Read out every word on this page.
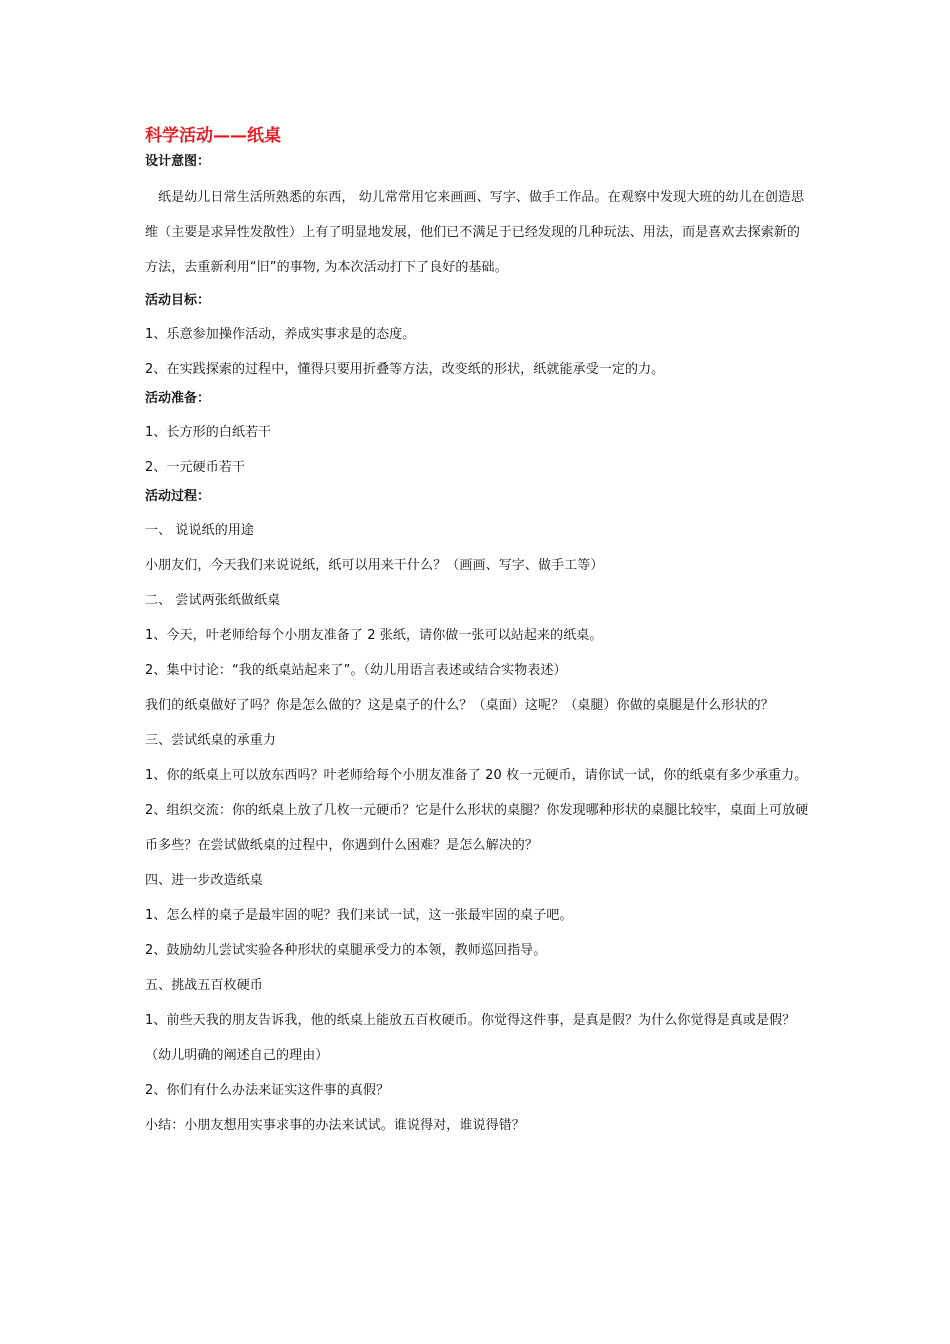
科学活动——纸桌
设计意图：
纸是幼儿日常生活所熟悉的东西， 幼儿常常用它来画画、写字、做手工作品。在观察中发现大班的幼儿在创造思维（主要是求异性发散性）上有了明显地发展，他们已不满足于已经发现的几种玩法、用法，而是喜欢去探索新的方法，去重新利用“旧”的事物, 为本次活动打下了良好的基础。
活动目标：
1、乐意参加操作活动，养成实事求是的态度。
2、在实践探索的过程中，懂得只要用折叠等方法，改变纸的形状，纸就能承受一定的力。
活动准备：
1、长方形的白纸若干
2、一元硬币若干
活动过程：
一、 说说纸的用途
小朋友们，今天我们来说说纸，纸可以用来干什么？（画画、写字、做手工等）
二、 尝试两张纸做纸桌
1、今天，叶老师给每个小朋友准备了 2 张纸，请你做一张可以站起来的纸桌。
2、集中讨论：“我的纸桌站起来了”。（幼儿用语言表述或结合实物表述）
我们的纸桌做好了吗？你是怎么做的？这是桌子的什么？（桌面）这呢？（桌腿）你做的桌腿是什么形状的？
三、尝试纸桌的承重力
1、你的纸桌上可以放东西吗？叶老师给每个小朋友准备了 20 枚一元硬币，请你试一试，你的纸桌有多少承重力。
2、组织交流：你的纸桌上放了几枚一元硬币？它是什么形状的桌腿？你发现哪种形状的桌腿比较牢，桌面上可放硬币多些？在尝试做纸桌的过程中，你遇到什么困难？是怎么解决的？
四、进一步改造纸桌
1、怎么样的桌子是最牢固的呢？我们来试一试，这一张最牢固的桌子吧。
2、鼓励幼儿尝试实验各种形状的桌腿承受力的本领，教师巡回指导。
五、挑战五百枚硬币
1、前些天我的朋友告诉我，他的纸桌上能放五百枚硬币。你觉得这件事，是真是假？为什么你觉得是真或是假？（幼儿明确的阐述自己的理由）
2、你们有什么办法来证实这件事的真假？
小结：小朋友想用实事求事的办法来试试。谁说得对，谁说得错？
